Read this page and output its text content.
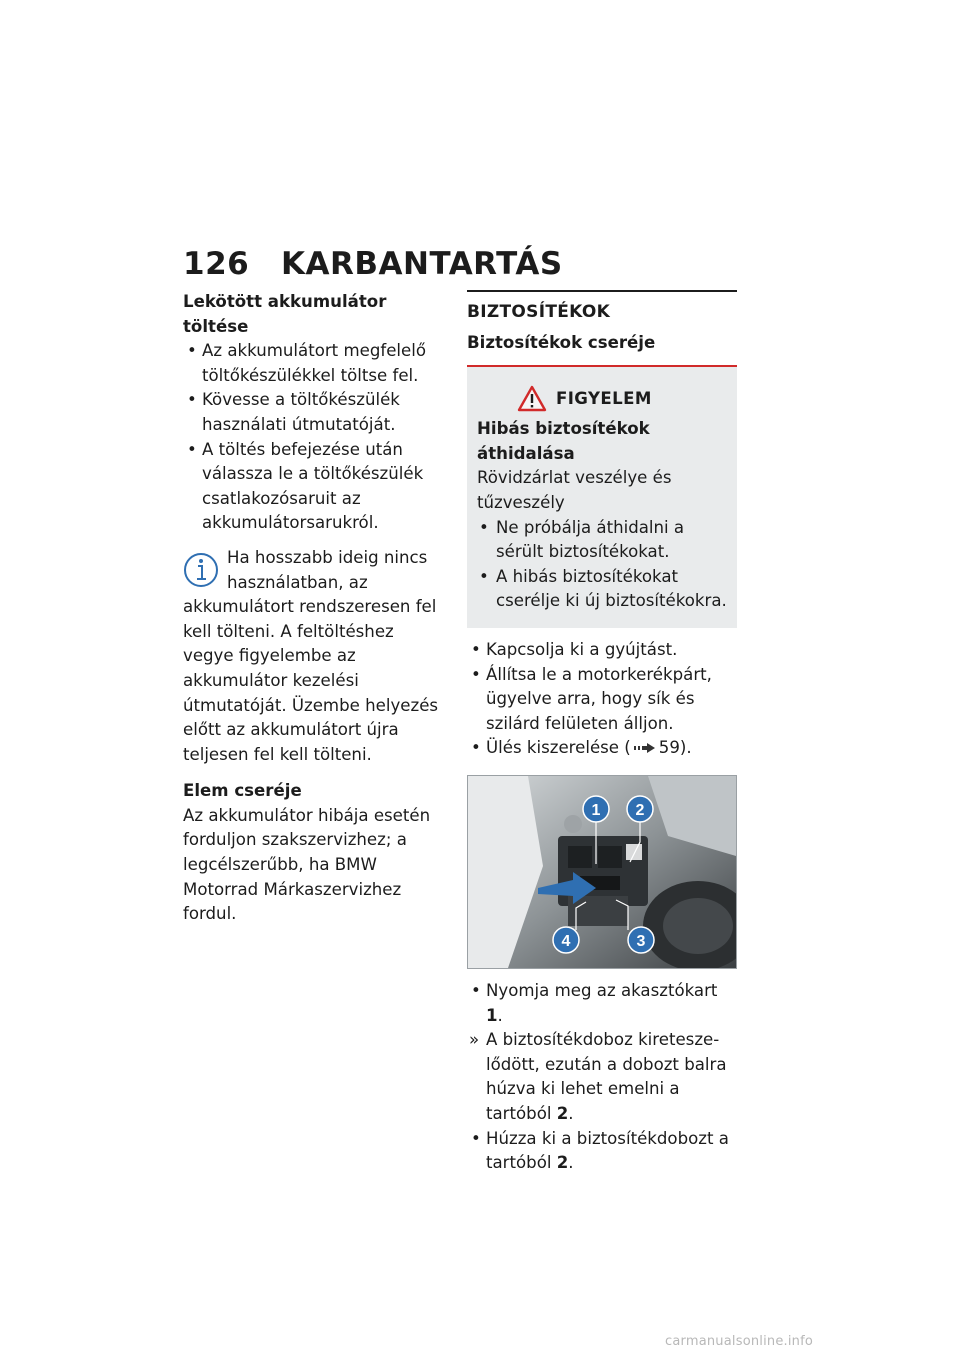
126 KARBANTARTÁS

Lekötött akkumulátor töltése

• Az akkumulátort megfelelő töltőkészülékkel töltse fel.

• Kövesse a töltőkészülék használati útmutatóját.

• A töltés befejezése után válassza le a töltőkészülék csatlakozósaruit az akkumulátorsarukról.

Ha hosszabb ideig nincs használatban, az akkumulátort rendszeresen fel kell tölteni. A feltöltéshez vegye figyelembe az akkumulátor kezelési útmutatóját. Üzembe helyezés előtt az akkumulátort újra teljesen fel kell tölteni.

Elem cseréje

Az akkumulátor hibája esetén forduljon szakszervizhez; a legcélszerűbb, ha BMW Motorrad Márkaszervizhez fordul.

BIZTOSÍTÉKOK

Biztosítékok cseréje

FIGYELEM

Hibás biztosítékok áthidalása

Rövidzárlat veszélye és tűzveszély

• Ne próbálja áthidalni a sérült biztosítékokat.

• A hibás biztosítékokat cserélje ki új biztosítékokra.

• Kapcsolja ki a gyújtást.

• Állítsa le a motorkerékpárt, ügyelve arra, hogy sík és szilárd felületen álljon.

• Ülés kiszerelése ( 59).

1 2
3
4

• Nyomja meg az akasztókart 1.

» A biztosítékdoboz kireteszelődött, ezután a dobozt balra húzva ki lehet emelni a tartóból 2.

• Húzza ki a biztosítékdobozt a tartóból 2.

carmanualsonline.info
